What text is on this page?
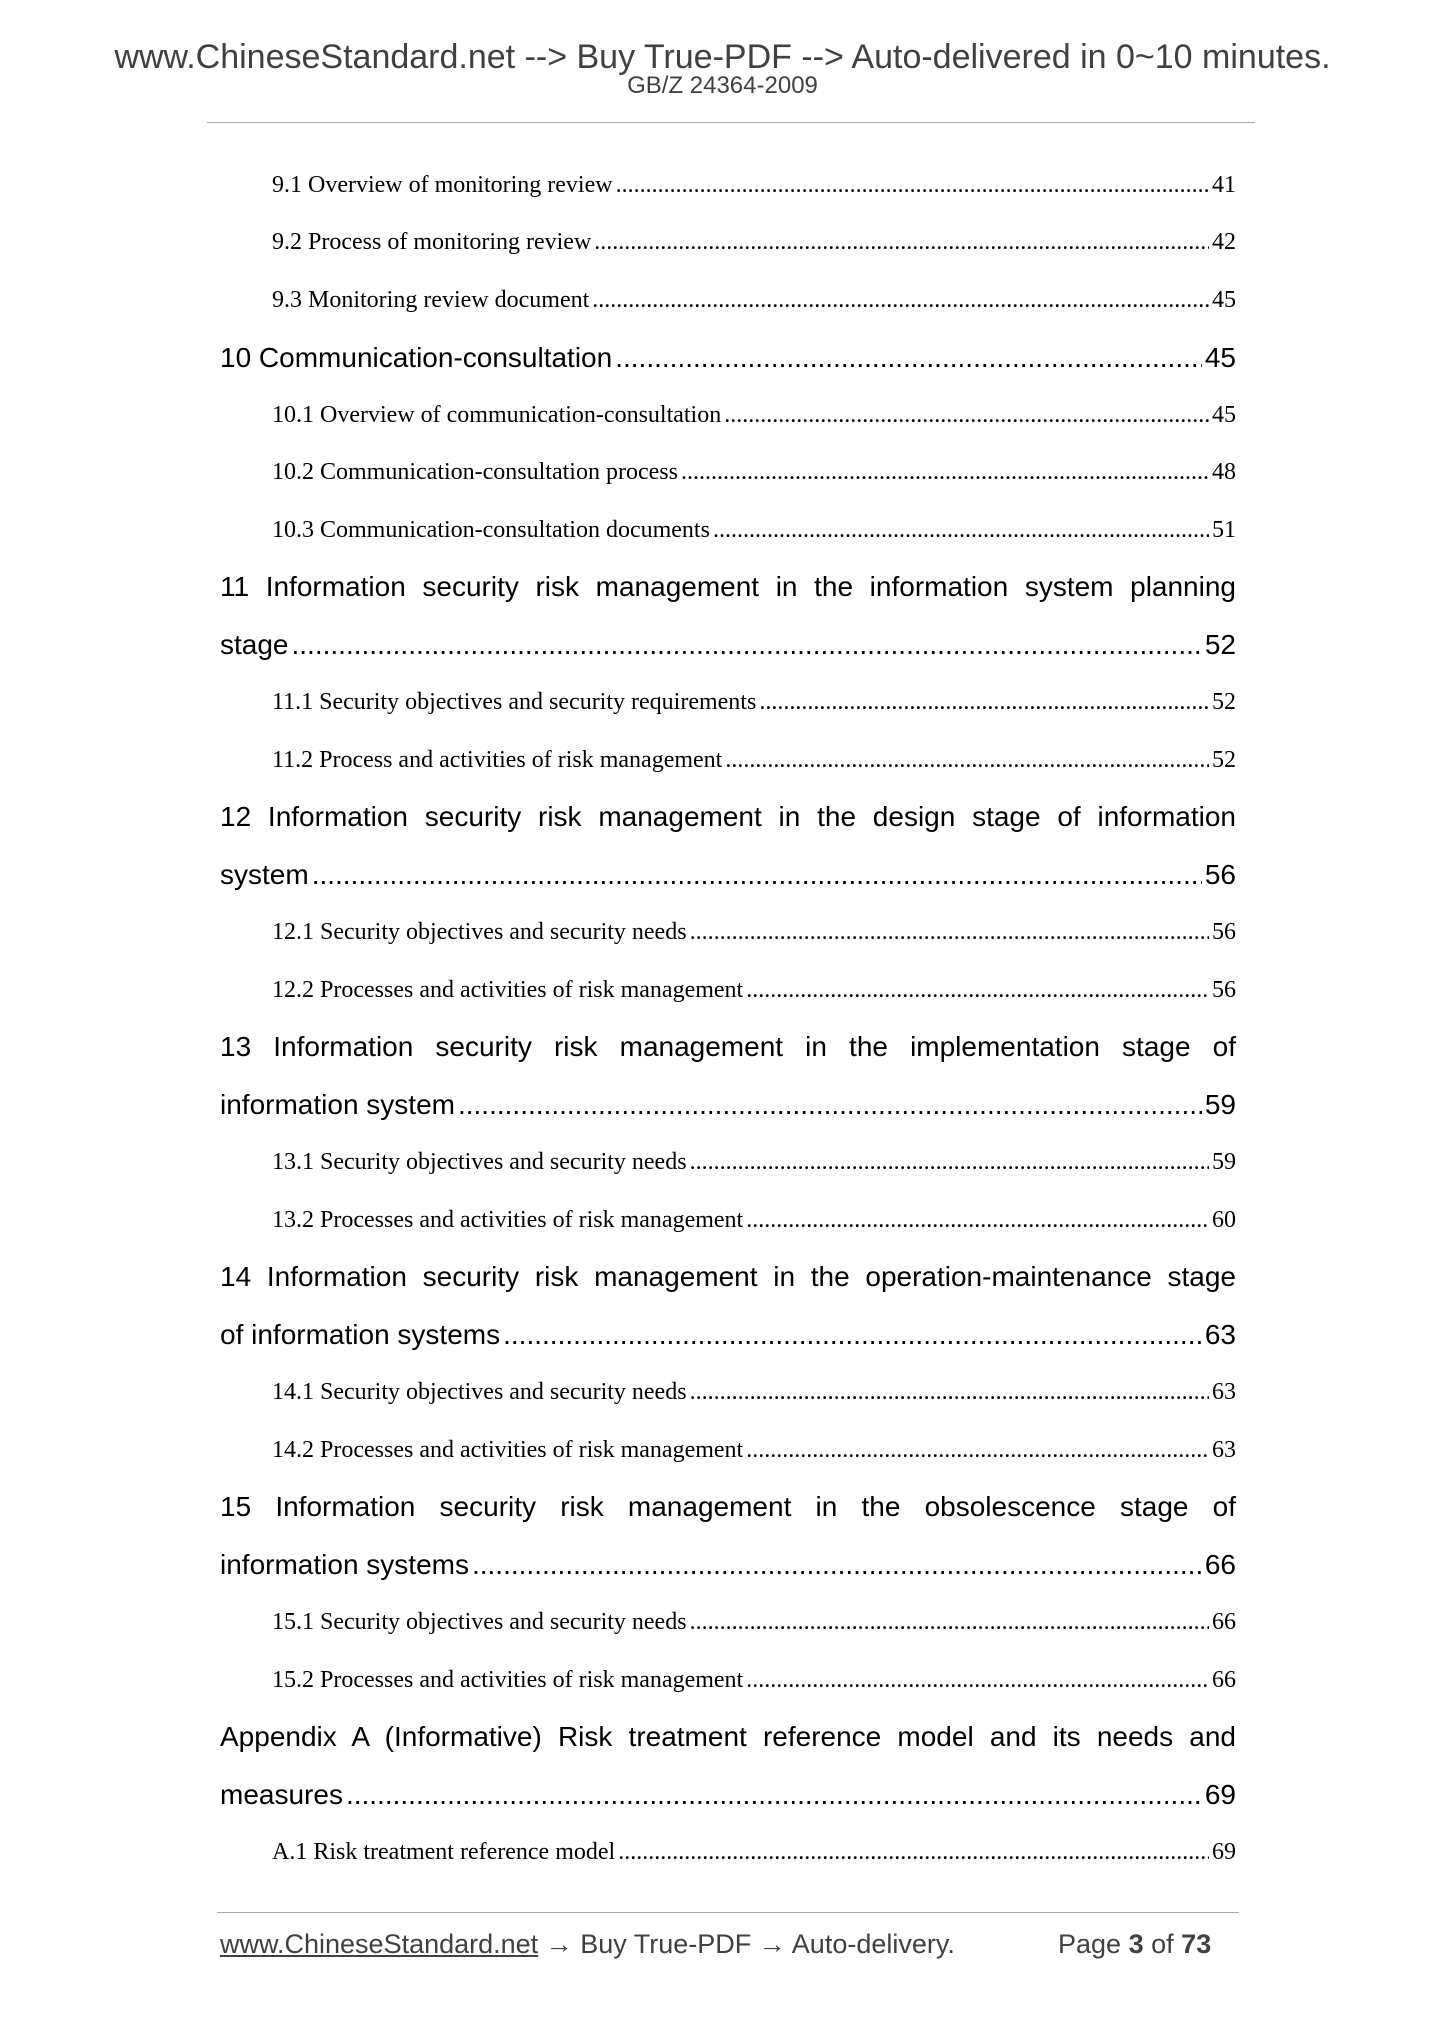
www.ChineseStandard.net --> Buy True-PDF --> Auto-delivered in 0~10 minutes.
GB/Z 24364-2009
9.1 Overview of monitoring review .....	41
9.2 Process of monitoring review .....	42
9.3 Monitoring review document .....	45
10 Communication-consultation .....	45
10.1 Overview of communication-consultation .....	45
10.2 Communication-consultation process .....	48
10.3 Communication-consultation documents .....	51
11 Information security risk management in the information system planning
stage .....	52
11.1 Security objectives and security requirements .....	52
11.2 Process and activities of risk management .....	52
12 Information security risk management in the design stage of information
system .....	56
12.1 Security objectives and security needs .....	56
12.2 Processes and activities of risk management .....	56
13 Information security risk management in the implementation stage of
information system .....	59
13.1 Security objectives and security needs .....	59
13.2 Processes and activities of risk management .....	60
14 Information security risk management in the operation-maintenance stage
of information systems .....	63
14.1 Security objectives and security needs .....	63
14.2 Processes and activities of risk management .....	63
15 Information security risk management in the obsolescence stage of
information systems .....	66
15.1 Security objectives and security needs .....	66
15.2 Processes and activities of risk management .....	66
Appendix A (Informative) Risk treatment reference model and its needs and
measures .....	69
A.1 Risk treatment reference model .....	69
www.ChineseStandard.net → Buy True-PDF → Auto-delivery.	Page 3 of 73
